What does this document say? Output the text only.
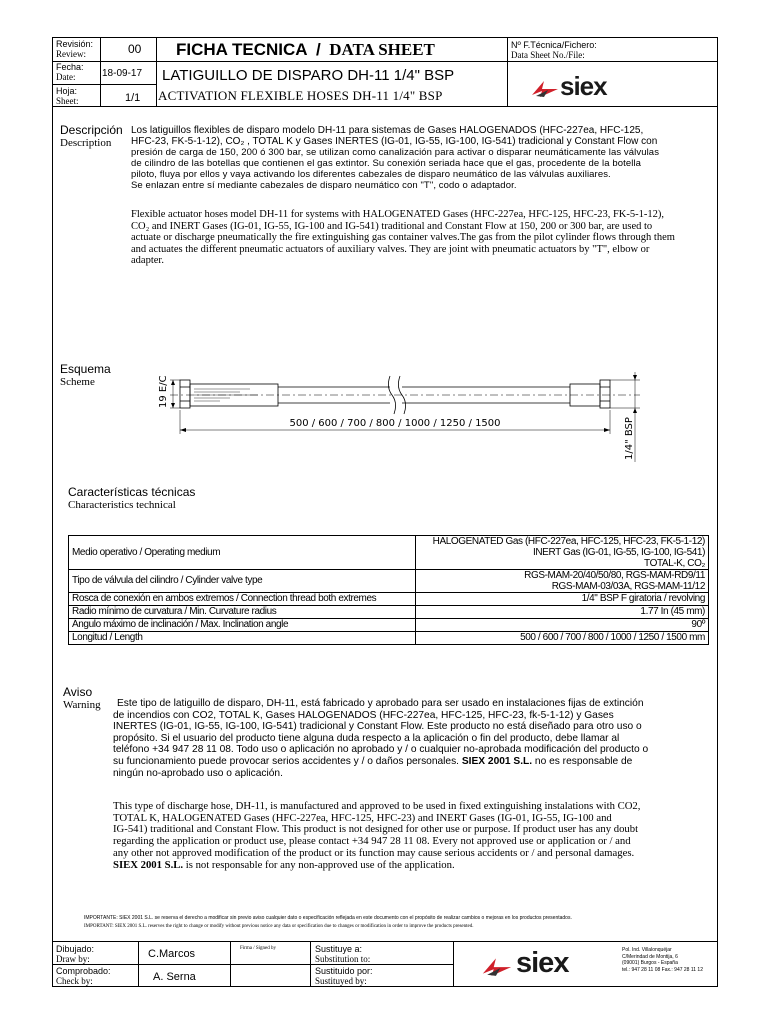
Revisión:
Review:	00
Fecha:
Date:	18-09-17
Hoja:
Sheet:	1/1
FICHA TECNICA / DATA SHEET
LATIGUILLO DE DISPARO DH-11 1/4" BSP
ACTIVATION FLEXIBLE HOSES DH-11 1/4" BSP
Nº F.Técnica/Fichero:
Data Sheet No./File:
siex
Descripción
Description
Los latiguillos flexibles de disparo modelo DH-11 para sistemas de Gases HALOGENADOS (HFC-227ea, HFC-125,
HFC-23, FK-5-1-12), CO₂ , TOTAL K y Gases INERTES (IG-01, IG-55, IG-100, IG-541) tradicional y Constant Flow con
presión de carga de 150, 200 ó 300 bar, se utilizan como canalización para activar o disparar neumáticamente las válvulas
de cilindro de las botellas que contienen el gas extintor. Su conexión seriada hace que el gas, procedente de la botella
piloto, fluya por ellos y vaya activando los diferentes cabezales de disparo neumático de las válvulas auxiliares.
Se enlazan entre sí mediante cabezales de disparo neumático con "T", codo o adaptador.
Flexible actuator hoses model DH-11 for systems with HALOGENATED Gases (HFC-227ea, HFC-125, HFC-23, FK-5-1-12),
CO₂ and INERT Gases (IG-01, IG-55, IG-100 and IG-541) traditional and Constant Flow at 150, 200 or 300 bar, are used to
actuate or discharge pneumatically the fire extinguishing gas container valves.The gas from the pilot cylinder flows through them
and actuates the different pneumatic actuators of auxiliary valves. They are joint with pneumatic actuators by "T", elbow or
adapter.
Esquema
Scheme
500 / 600 / 700 / 800 / 1000 / 1250 / 1500
19 E/C
1/4" BSP
Características técnicas
Characteristics technical
Medio operativo / Operating medium	HALOGENATED Gas (HFC-227ea, HFC-125, HFC-23, FK-5-1-12)
INERT Gas (IG-01, IG-55, IG-100, IG-541)
TOTAL-K, CO₂

Tipo de válvula del cilindro / Cylinder valve type	RGS-MAM-20/40/50/80, RGS-MAM-RD9/11
RGS-MAM-03/03A, RGS-MAM-11/12

Rosca de conexión en ambos extremos / Connection thread both extremes	1/4" BSP F giratoria / revolving
Radio mínimo de curvatura / Min. Curvature radius	1.77 In (45 mm)
Ángulo máximo de inclinación / Max. Inclination angle	90º
Longitud / Length	500 / 600 / 700 / 800 / 1000 / 1250 / 1500 mm
Aviso
Warning	Este tipo de latiguillo de disparo, DH-11, está fabricado y aprobado para ser usado en instalaciones fijas de extinción
de incendios con CO2, TOTAL K, Gases HALOGENADOS (HFC-227ea, HFC-125, HFC-23, fk-5-1-12) y Gases
INERTES (IG-01, IG-55, IG-100, IG-541) tradicional y Constant Flow. Este producto no está diseñado para otro uso o
propósito. Si el usuario del producto tiene alguna duda respecto a la aplicación o fin del producto, debe llamar al
teléfono +34 947 28 11 08. Todo uso o aplicación no aprobado y / o cualquier no-aprobada modificación del producto o
su funcionamiento puede provocar serios accidentes y / o daños personales. SIEX 2001 S.L. no es responsable de
ningún no-aprobado uso o aplicación.
This type of discharge hose, DH-11, is manufactured and approved to be used in fixed extinguishing instalations with CO2,
TOTAL K, HALOGENATED Gases (HFC-227ea, HFC-125, HFC-23) and INERT Gases (IG-01, IG-55, IG-100 and
IG-541) traditional and Constant Flow. This product is not designed for other use or purpose. If product user has any doubt
regarding the application or product use, please contact +34 947 28 11 08. Every not approved use or application or / and
any other not approved modification of the product or its function may cause serious accidents or / and personal damages.
SIEX 2001 S.L. is not responsable for any non-approved use of the application.
IMPORTANTE: SIEX 2001 S.L. se reserva el derecho a modificar sin previo aviso cualquier dato o especificación reflejada en este documento con el propósito de realizar cambios o mejoras en los productos presentados.
IMPORTANT: SIEX 2001 S.L. reserves the right to change or modify without previous notice any data or specification due to changes or modification in order to improve the products presented.
Dibujado:
Draw by:	C.Marcos
Comprobado:
Check by:	A. Serna
Firma / Signed by	Sustituye a:
Substitution to:
Sustituido por:
Sustituyed by:
siex	Pol. Ind. Villalonquéjar
C/Merindad de Montija, 6
(09001) Burgos - España
tel.: 947 28 11 08 Fax.: 947 28 11 12
